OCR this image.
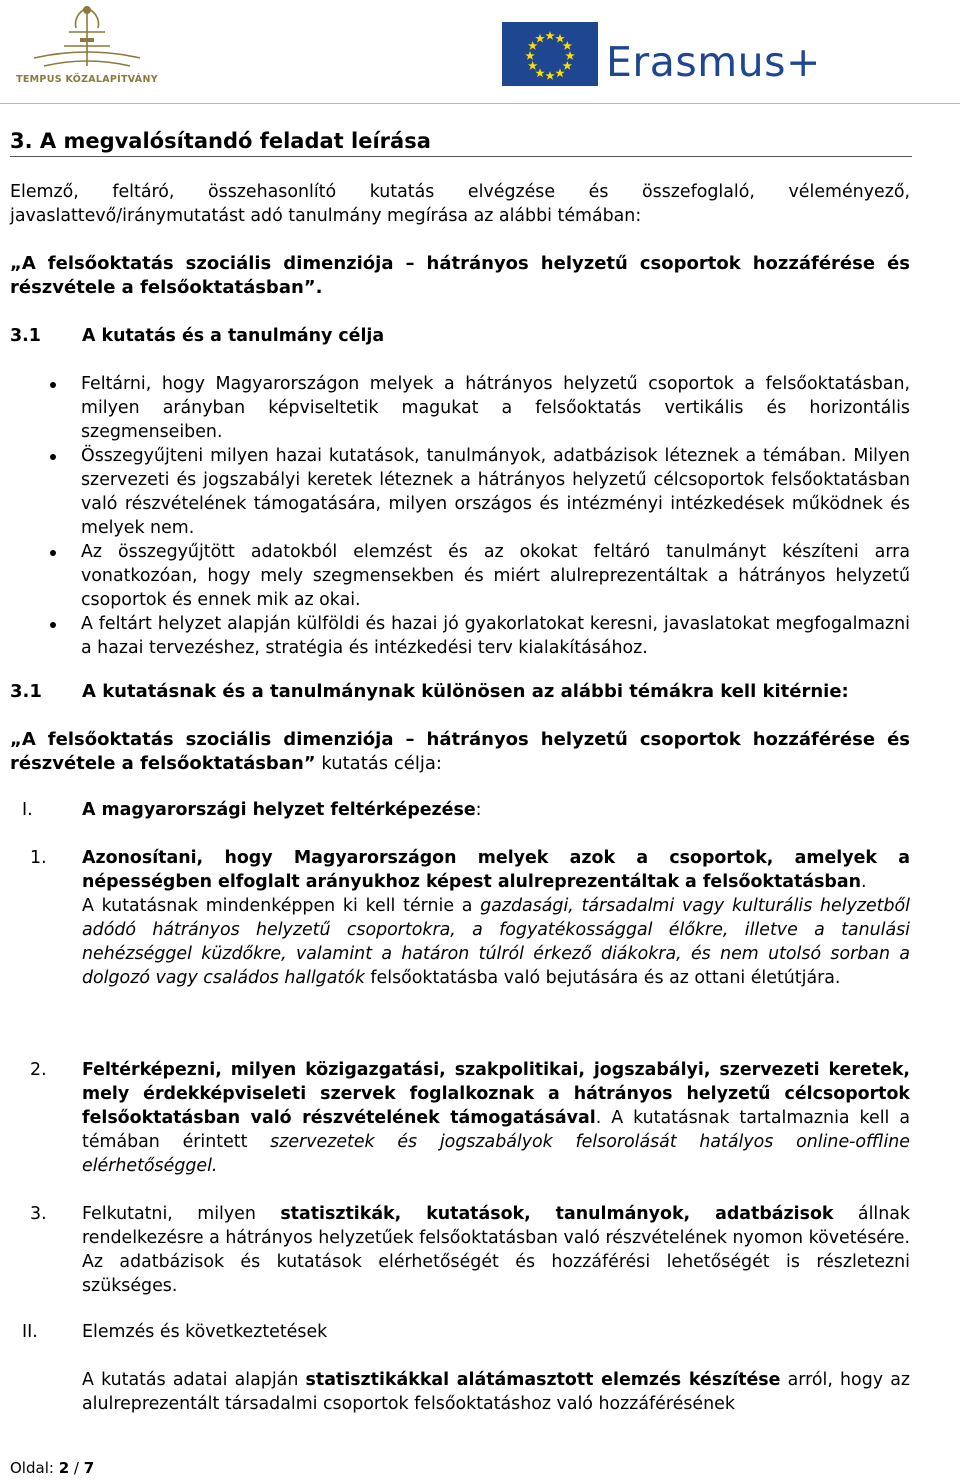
TEMPUS KÖZALAPÍTVÁNY	Erasmus+
3. A megvalósítandó feladat leírása

Elemző, feltáró, összehasonlító kutatás elvégzése és összefoglaló, véleményező, javaslattevő/iránymutatást adó tanulmány megírása az alábbi témában:

„A felsőoktatás szociális dimenziója – hátrányos helyzetű csoportok hozzáférése és részvétele a felsőoktatásban”.

3.1 A kutatás és a tanulmány célja
Feltárni, hogy Magyarországon melyek a hátrányos helyzetű csoportok a felsőoktatásban, milyen arányban képviseltetik magukat a felsőoktatás vertikális és horizontális szegmenseiben.
Összegyűjteni milyen hazai kutatások, tanulmányok, adatbázisok léteznek a témában. Milyen szervezeti és jogszabályi keretek léteznek a hátrányos helyzetű célcsoportok felsőoktatásban való részvételének támogatására, milyen országos és intézményi intézkedések működnek és melyek nem.
Az összegyűjtött adatokból elemzést és az okokat feltáró tanulmányt készíteni arra vonatkozóan, hogy mely szegmensekben és miért alulreprezentáltak a hátrányos helyzetű csoportok és ennek mik az okai.
A feltárt helyzet alapján külföldi és hazai jó gyakorlatokat keresni, javaslatokat megfogalmazni a hazai tervezéshez, stratégia és intézkedési terv kialakításához.
3.1 A kutatásnak és a tanulmánynak különösen az alábbi témákra kell kitérnie:

„A felsőoktatás szociális dimenziója – hátrányos helyzetű csoportok hozzáférése és részvétele a felsőoktatásban” kutatás célja:

I.	A magyarországi helyzet feltérképezése:
1.	Azonosítani, hogy Magyarországon melyek azok a csoportok, amelyek a népességben elfoglalt arányukhoz képest alulreprezentáltak a felsőoktatásban.

A kutatásnak mindenképpen ki kell térnie a gazdasági, társadalmi vagy kulturális helyzetből adódó hátrányos helyzetű csoportokra, a fogyatékossággal élőkre, illetve a tanulási nehézséggel küzdőkre, valamint a határon túlról érkező diákokra, és nem utolsó sorban a dolgozó vagy családos hallgatók felsőoktatásba való bejutására és az ottani életútjára.

2.	Feltérképezni, milyen közigazgatási, szakpolitikai, jogszabályi, szervezeti keretek, mely érdekképviseleti szervek foglalkoznak a hátrányos helyzetű célcsoportok felsőoktatásban való részvételének támogatásával. A kutatásnak tartalmaznia kell a témában érintett szervezetek és jogszabályok felsorolását hatályos online-offline elérhetőséggel.

3.	Felkutatni, milyen statisztikák, kutatások, tanulmányok, adatbázisok állnak rendelkezésre a hátrányos helyzetűek felsőoktatásban való részvételének nyomon követésére. Az adatbázisok és kutatások elérhetőségét és hozzáférési lehetőségét is részletezni szükséges.

II.	Elemzés és következtetések

A kutatás adatai alapján statisztikákkal alátámasztott elemzés készítése arról, hogy az alulreprezentált társadalmi csoportok felsőoktatáshoz való hozzáférésének

Oldal: 2 / 7
